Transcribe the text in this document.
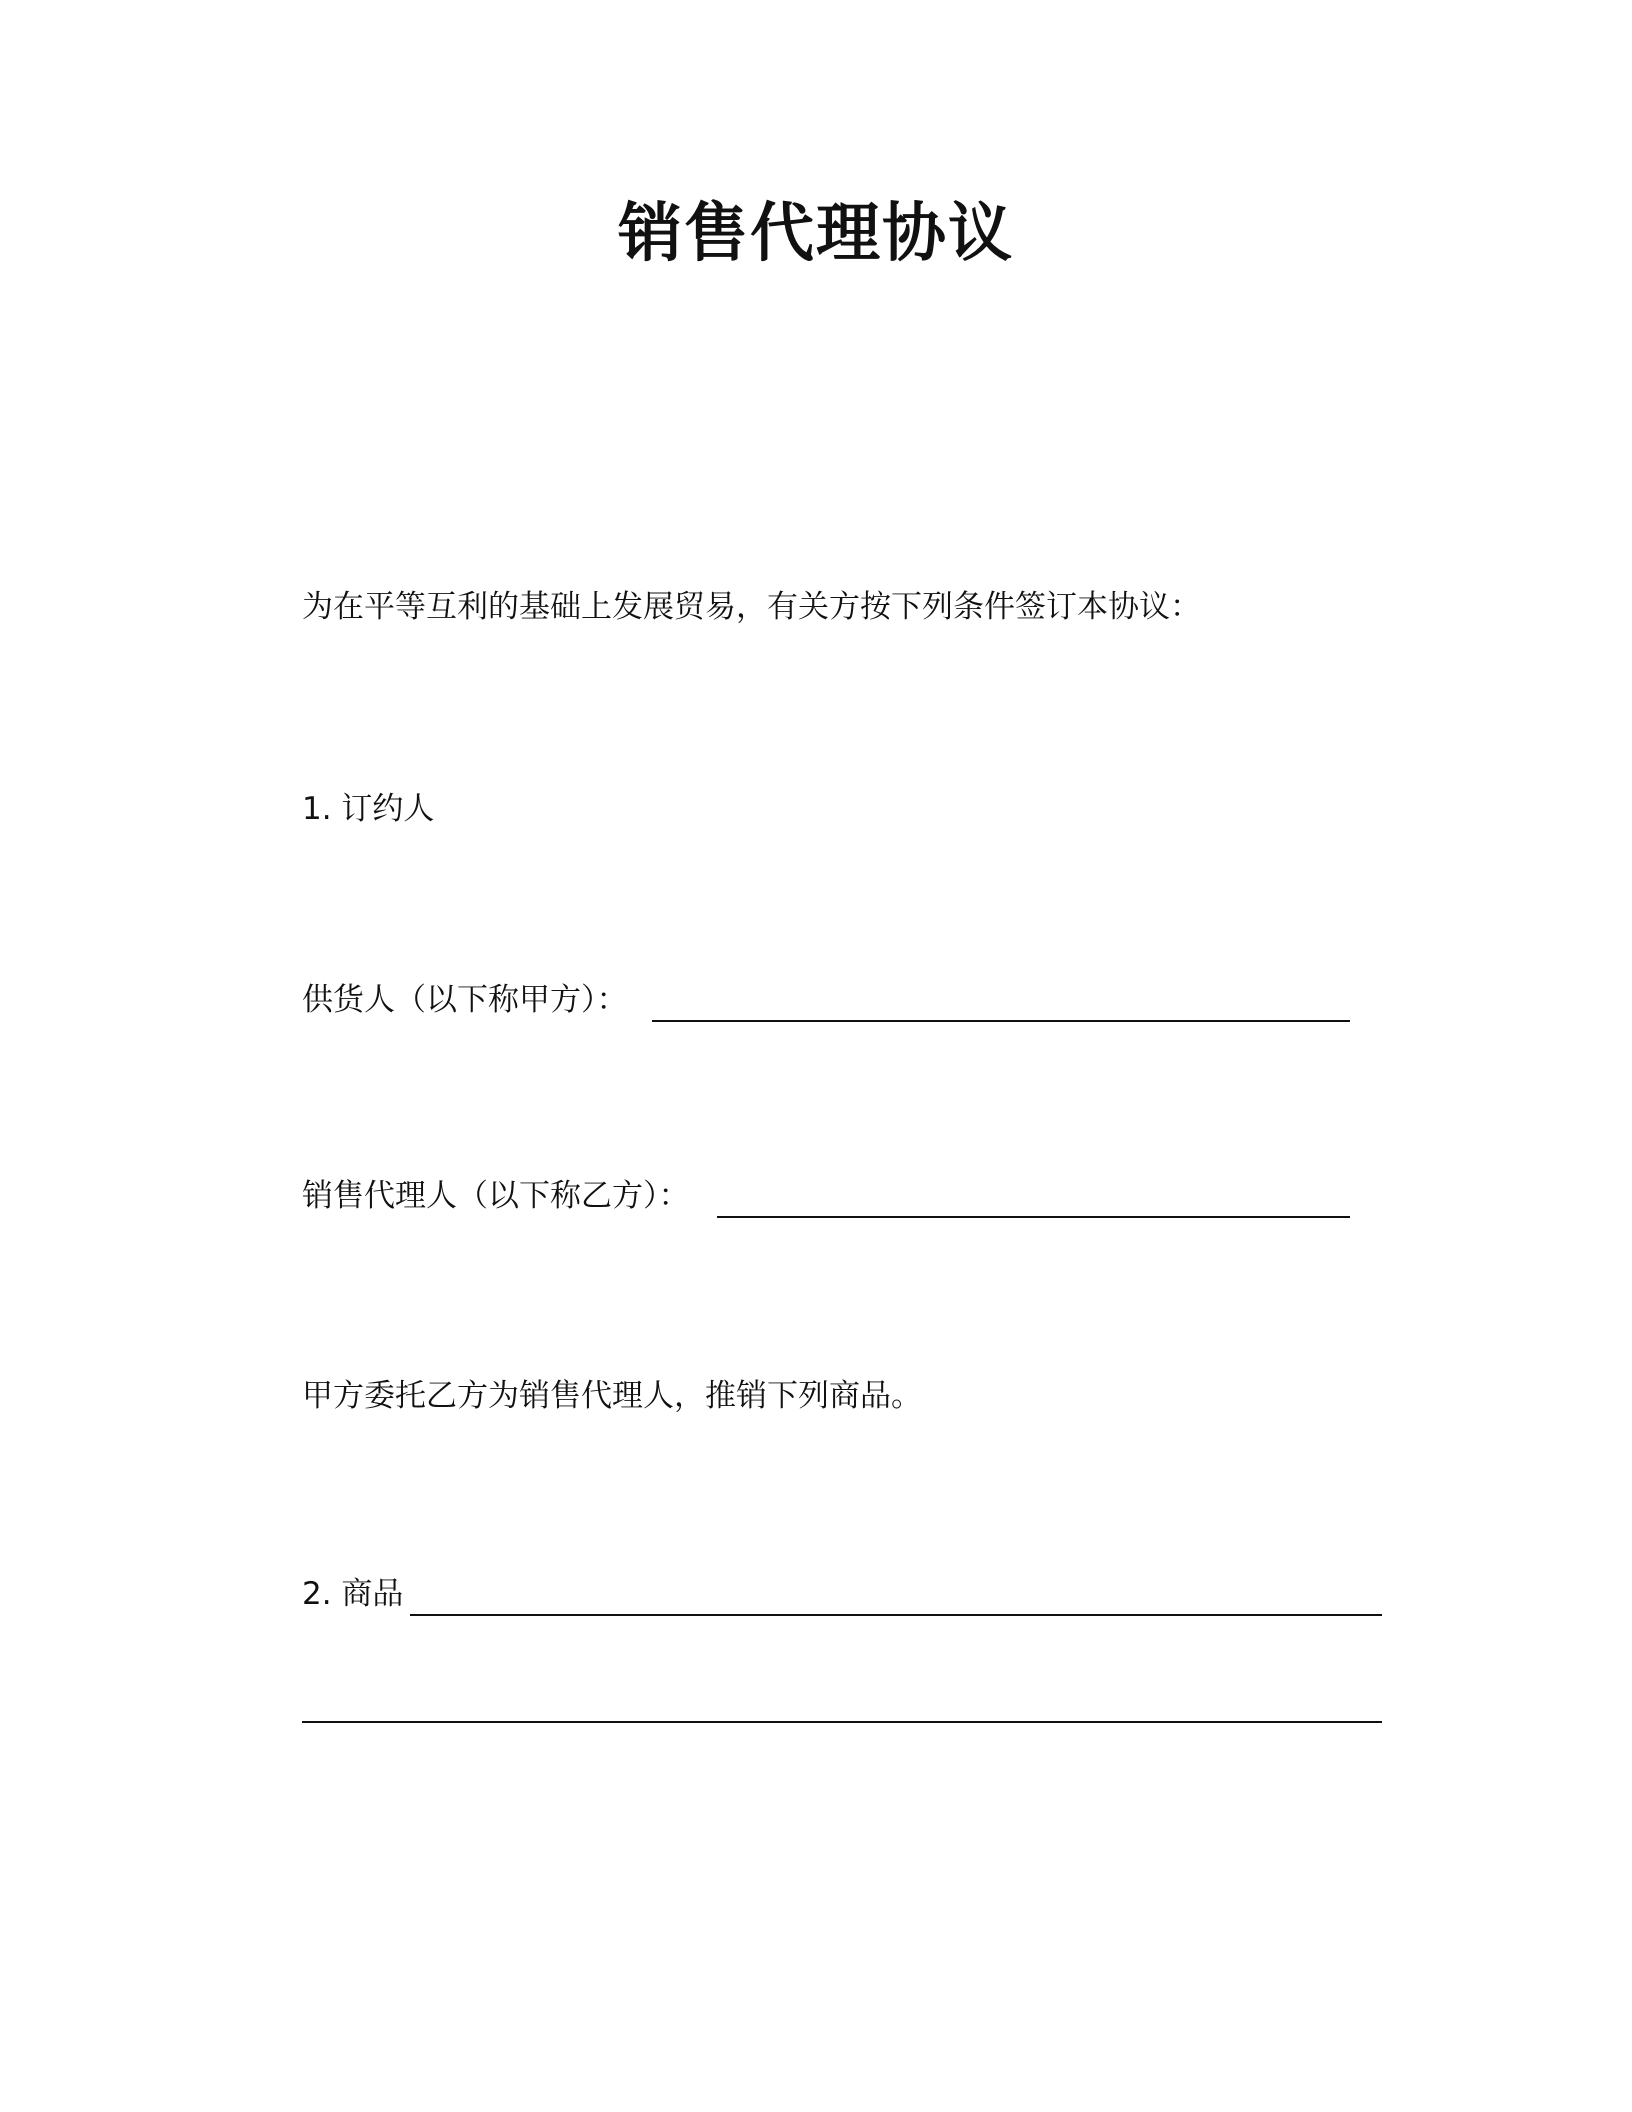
销售代理协议
为在平等互利的基础上发展贸易，有关方按下列条件签订本协议：
1. 订约人
供货人（以下称甲方）：
销售代理人（以下称乙方）：
甲方委托乙方为销售代理人，推销下列商品。
2. 商品
